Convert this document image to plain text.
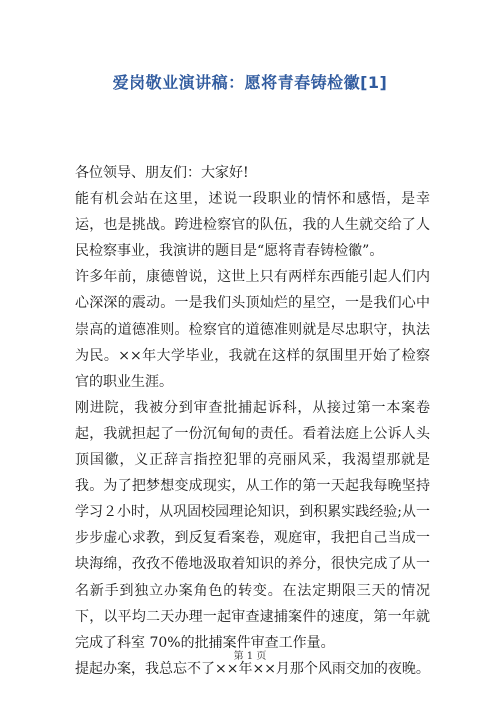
爱岗敬业演讲稿：愿将青春铸检徽[1]

各位领导、朋友们：大家好!

能有机会站在这里，述说一段职业的情怀和感悟，是幸运，也是挑战。跨进检察官的队伍，我的人生就交给了人民检察事业，我演讲的题目是“愿将青春铸检徽”。

许多年前，康德曾说，这世上只有两样东西能引起人们内心深深的震动。一是我们头顶灿烂的星空，一是我们心中崇高的道德准则。检察官的道德准则就是尽忠职守，执法为民。××年大学毕业，我就在这样的氛围里开始了检察官的职业生涯。

刚进院，我被分到审查批捕起诉科，从接过第一本案卷起，我就担起了一份沉甸甸的责任。看着法庭上公诉人头顶国徽，义正辞言指控犯罪的亮丽风采，我渴望那就是我。为了把梦想变成现实，从工作的第一天起我每晚坚持学习２小时，从巩固校园理论知识，到积累实践经验;从一步步虚心求教，到反复看案卷，观庭审，我把自己当成一块海绵，孜孜不倦地汲取着知识的养分，很快完成了从一名新手到独立办案角色的转变。在法定期限三天的情况下，以平均二天办理一起审查逮捕案件的速度，第一年就完成了科室 70%的批捕案件审查工作量。

提起办案，我总忘不了××年××月那个风雨交加的夜晚。

第 1 页
